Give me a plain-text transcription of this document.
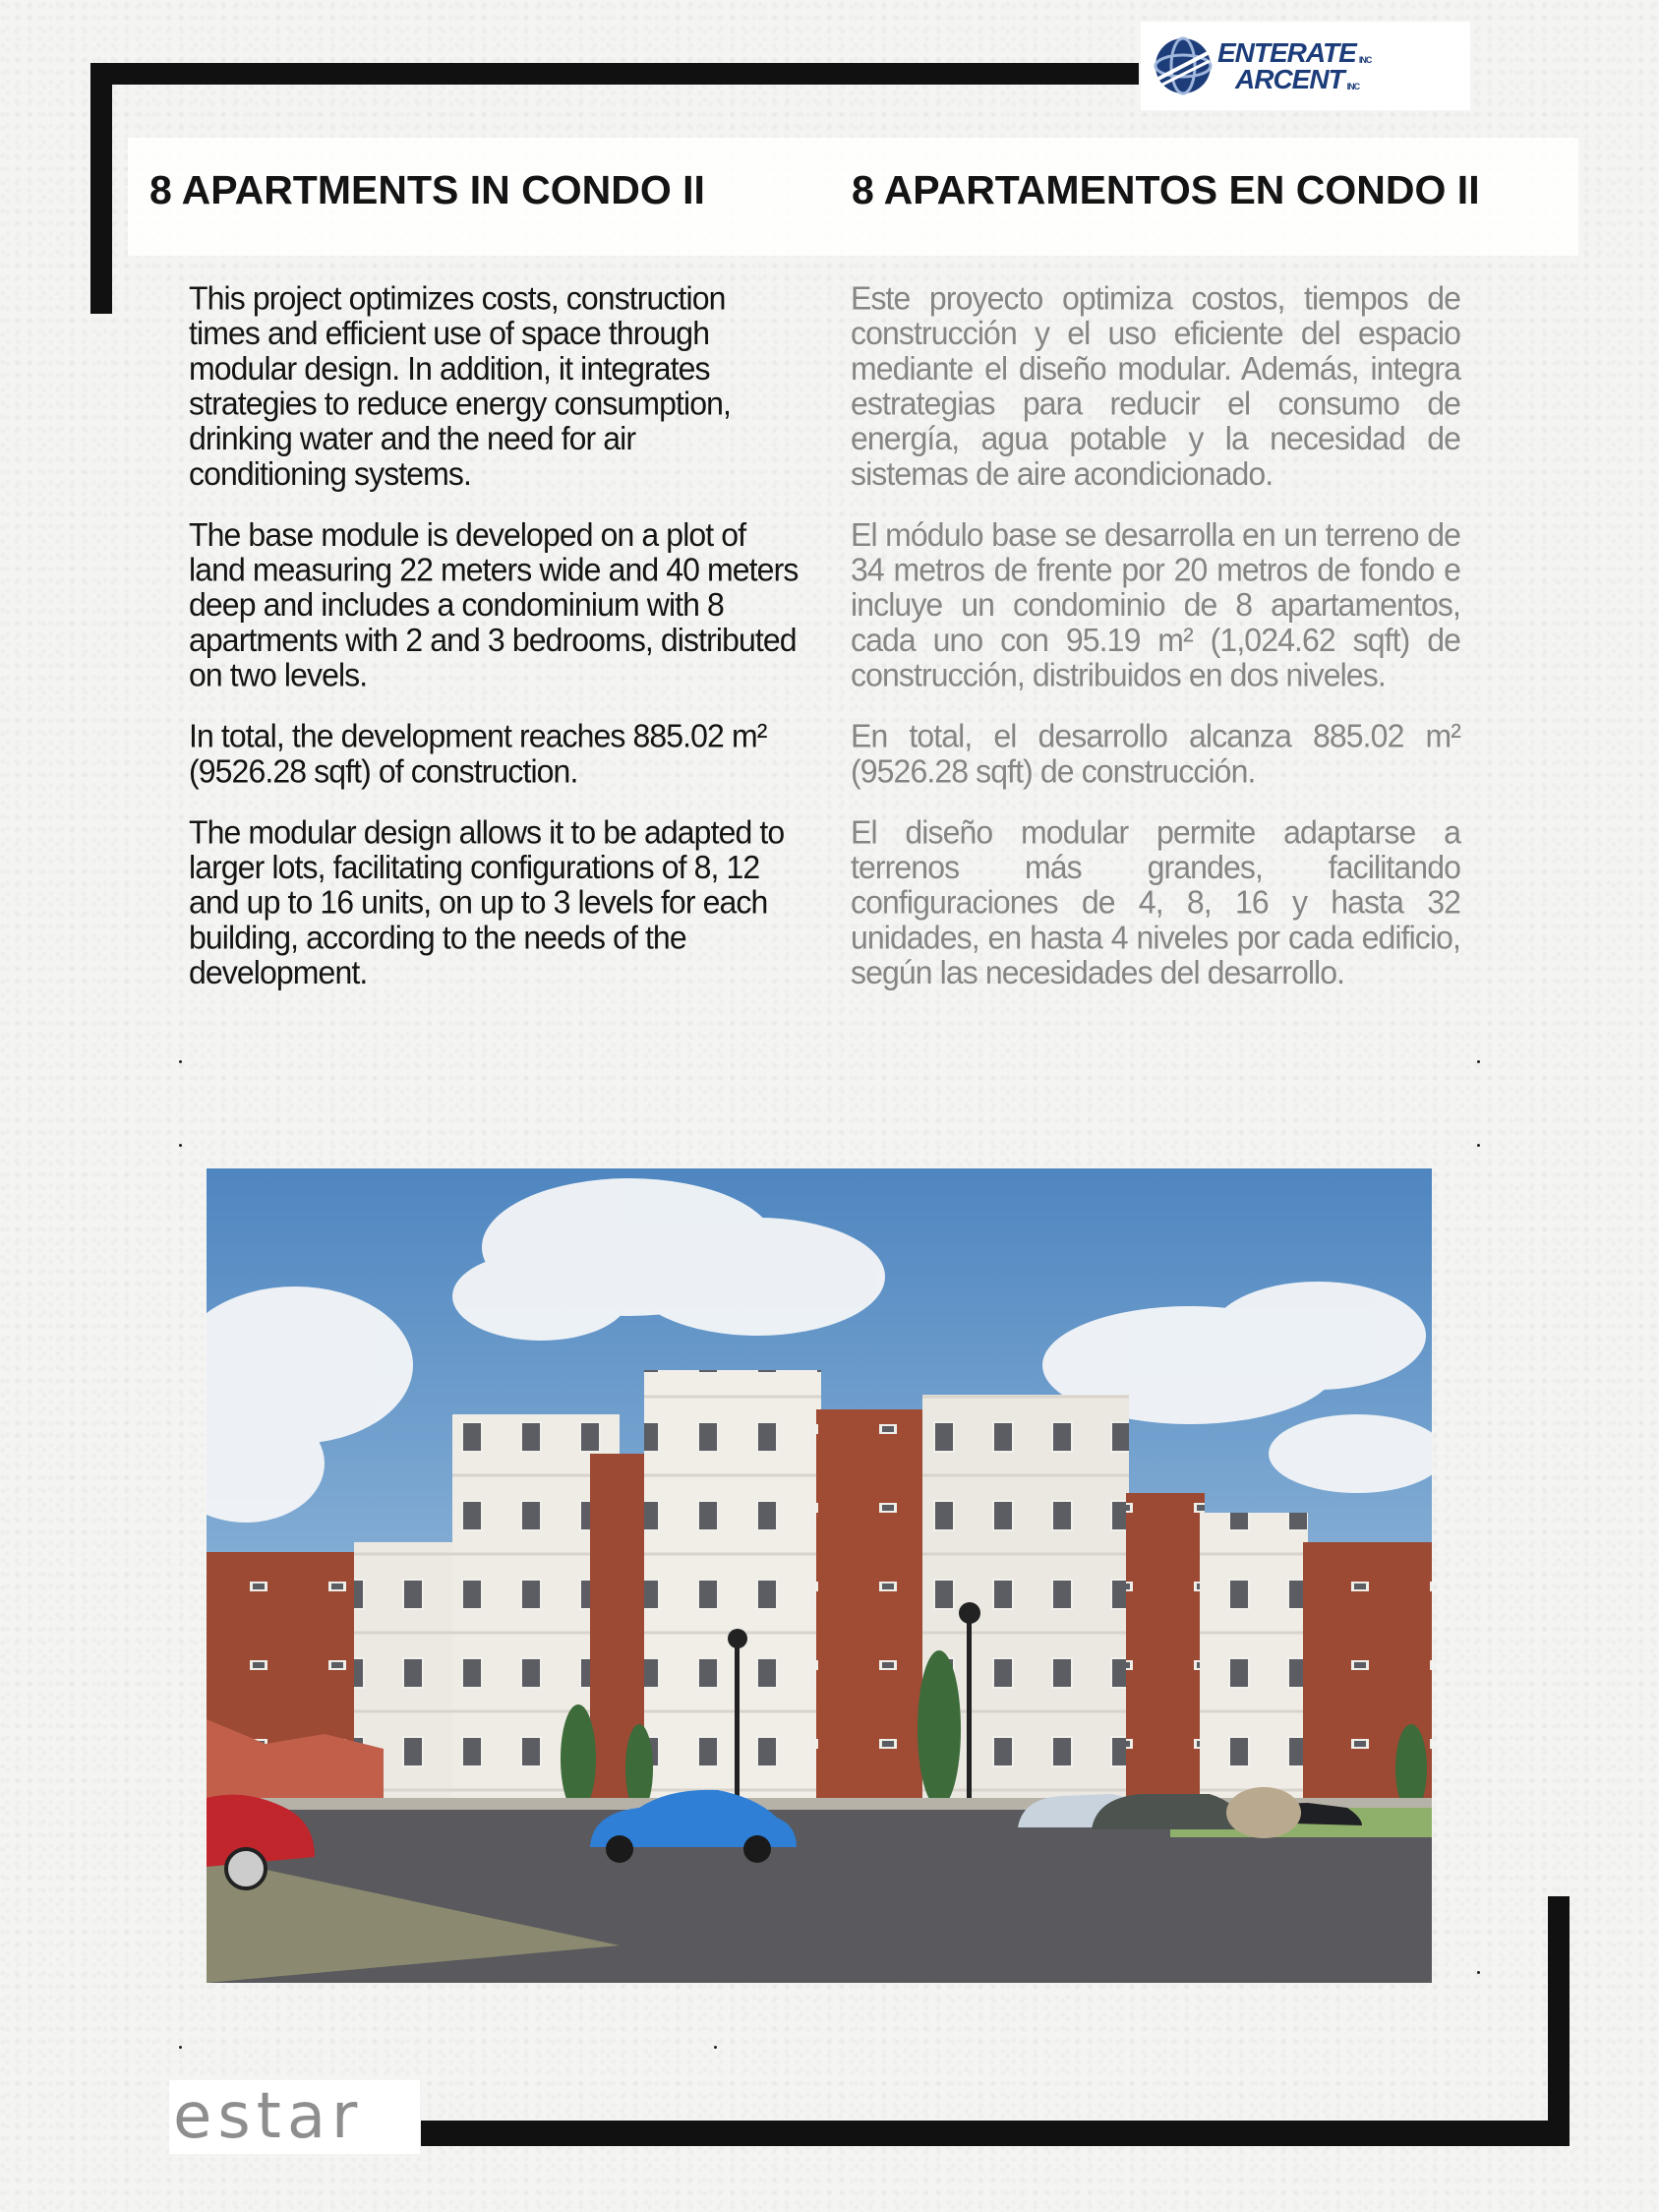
ENTERATE $_{INC}$
ARCENT $_{INC}$
8 APARTMENTS IN CONDO II	8 APARTAMENTOS EN CONDO II

This project optimizes costs, construction times and efficient use of space through modular design. In addition, it integrates strategies to reduce energy consumption, drinking water and the need for air conditioning systems.

The base module is developed on a plot of land measuring 22 meters wide and 40 meters deep and includes a condominium with 8 apartments with 2 and 3 bedrooms, distributed on two levels.

In total, the development reaches 885.02 m² (9526.28 sqft) of construction.

The modular design allows it to be adapted to larger lots, facilitating configurations of 8, 12 and up to 16 units, on up to 3 levels for each building, according to the needs of the development.

Este proyecto optimiza costos, tiempos de construcción y el uso eficiente del espacio mediante el diseño modular. Además, integra estrategias para reducir el consumo de energía, agua potable y la necesidad de sistemas de aire acondicionado.

El módulo base se desarrolla en un terreno de 34 metros de frente por 20 metros de fondo e incluye un condominio de 8 apartamentos, cada uno con 95.19 m² (1,024.62 sqft) de construcción, distribuidos en dos niveles.

En total, el desarrollo alcanza 885.02 m² (9526.28 sqft) de construcción.

El diseño modular permite adaptarse a terrenos más grandes, facilitando configuraciones de 4, 8, 16 y hasta 32 unidades, en hasta 4 niveles por cada edificio, según las necesidades del desarrollo.

estar
